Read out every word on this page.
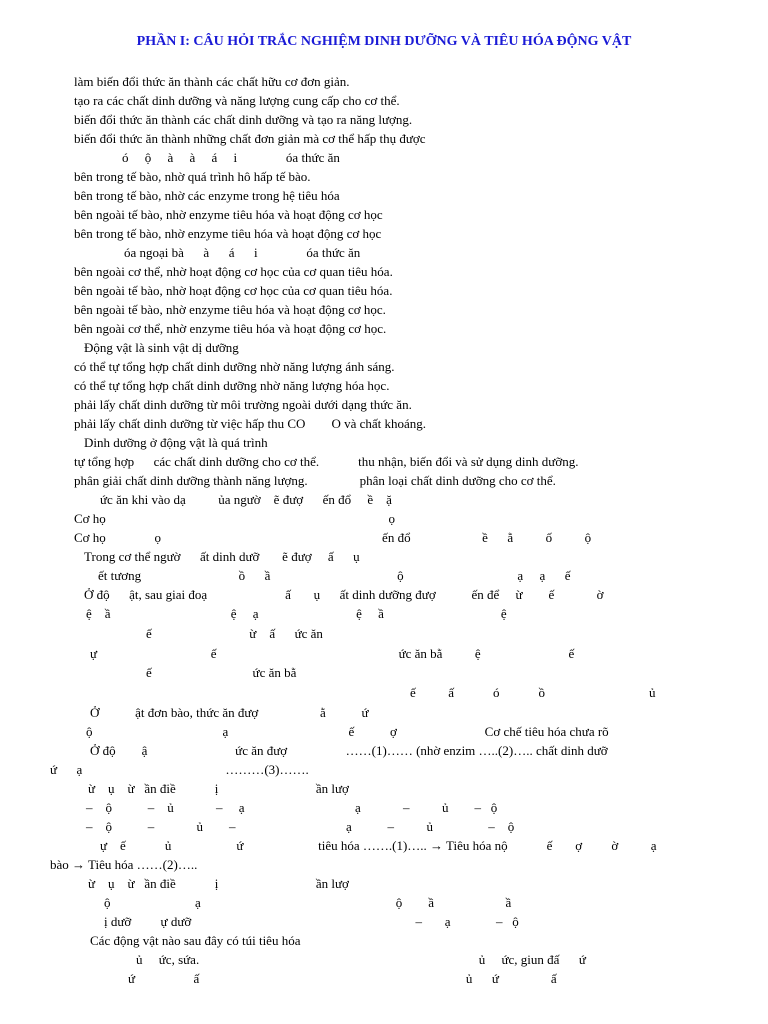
PHẦN I: CÂU HỎI TRẮC NGHIỆM DINH DƯỠNG VÀ TIÊU HÓA ĐỘNG VẬT
làm biến đổi thức ăn thành các chất hữu cơ đơn giản.
tạo ra các chất dinh dưỡng và năng lượng cung cấp cho cơ thể.
biến đổi thức ăn thành các chất dinh dưỡng và tạo ra năng lượng.
biến đổi thức ăn thành những chất đơn giản mà cơ thể hấp thụ được
ó     ộ     à     à     á     i               óa thức ăn
bên trong tế bào, nhờ quá trình hô hấp tế bào.
bên trong tế bào, nhờ các enzyme trong hệ tiêu hóa
bên ngoài tế bào, nhờ enzyme tiêu hóa và hoạt động cơ học
bên trong tế bào, nhờ enzyme tiêu hóa và hoạt động cơ học
óa ngoại bà      à      á      i               óa thức ăn
bên ngoài cơ thể, nhờ hoạt động cơ học của cơ quan tiêu hóa.
bên ngoài tế bào, nhờ hoạt động cơ học của cơ quan tiêu hóa.
bên ngoài tế bào, nhờ enzyme tiêu hóa và hoạt động cơ học.
bên ngoài cơ thể, nhờ enzyme tiêu hóa và hoạt động cơ học.
Động vật là sinh vật dị dưỡng
có thể tự tổng hợp chất dinh dưỡng nhờ năng lượng ánh sáng.
có thể tự tổng hợp chất dinh dưỡng nhờ năng lượng hóa học.
phải lấy chất dinh dưỡng từ môi trường ngoài dưới dạng thức ăn.
phải lấy chất dinh dưỡng từ việc hấp thu CO        O và chất khoáng.
Dinh dưỡng ở động vật là quá trình
tự tổng hợp      các chất dinh dưỡng cho cơ thể.            thu nhận, biến đổi và sử dụng dinh dưỡng.
phân giải chất dinh dưỡng thành năng lượng.                phân loại chất dinh dưỡng cho cơ thể.
ức ăn khi vào dạ          ủa ngườ    ẽ đượ      ến đổ     ề    ặ
Cơ họ                                                                                       ọ
Cơ họ               ọ                                                                    ến đổ                      ề      ằ          ố          ộ
Trong cơ thể ngườ      ất dinh dưỡ       ẽ đượ     ấ      ụ
ết tương                              ồ      ầ                                       ộ                                   ạ     ạ      ế
Ở độ      ật, sau giai đoạ                        ấ       ụ      ất dinh dưỡng đượ           ến để     ừ        ế             ờ
ệ    ầ                                     ệ     ạ                              ệ     ầ                                    ệ
ế                              ừ    ấ      ức ăn
ự                                   ế                                                        ức ăn bằ          ệ                           ế
ế                               ức ăn bằ
ế          ấ            ó            ồ                                ủ
Ở           ật đơn bào, thức ăn đượ                   ằ           ứ
ộ                                        ạ                                     ế           ợ                           Cơ chế tiêu hóa chưa rõ
Ở độ        ậ                           ức ăn đượ                  ……(1)…… (nhờ enzim …..(2)….. chất dinh dưỡ
ứ      ạ                                            ………(3)…….
ừ    ụ    ừ   ần điề            ị                              ần lượ
–    ộ           –    ủ             –     ạ                                  ạ             –          ủ        –   ộ
–    ộ           –             ủ        –                                  ạ           –          ủ                 –    ộ
ự    ế            ủ                    ứ                       tiêu hóa …….(1)….. → Tiêu hóa nộ            ế       ợ         ờ          ạ
bào → Tiêu hóa ……(2)…..
ừ    ụ    ừ   ần điề            ị                              ần lượ
ộ                          ạ                                                            ộ        ầ                      ầ
ị dưỡ         ự dưỡ                                                                     –       ạ              –   ộ
Các động vật nào sau đây có túi tiêu hóa
ủ     ức, sứa.                                                                                      ủ     ức, giun đấ      ứ
ứ                  ấ                                                                                  ủ      ứ                ấ
